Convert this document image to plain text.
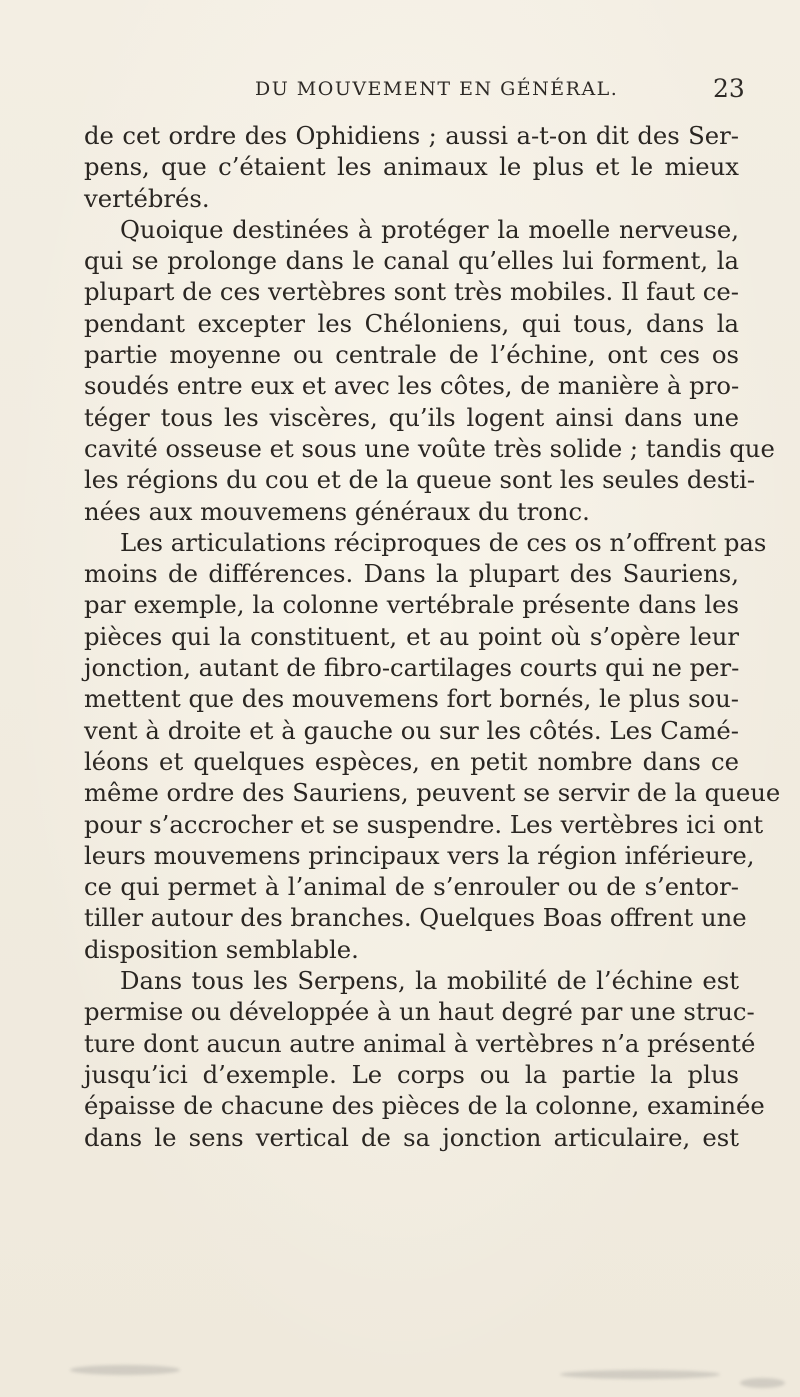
DU MOUVEMENT EN GÉNÉRAL.	23
de cet ordre des Ophidiens ; aussi a-t-on dit des Ser-
pens, que c’étaient les animaux le plus et le mieux
vertébrés.
Quoique destinées à protéger la moelle nerveuse,
qui se prolonge dans le canal qu’elles lui forment, la
plupart de ces vertèbres sont très mobiles. Il faut ce-
pendant excepter les Chéloniens, qui tous, dans la
partie moyenne ou centrale de l’échine, ont ces os
soudés entre eux et avec les côtes, de manière à pro-
téger tous les viscères, qu’ils logent ainsi dans une
cavité osseuse et sous une voûte très solide ; tandis que
les régions du cou et de la queue sont les seules desti-
nées aux mouvemens généraux du tronc.
Les articulations réciproques de ces os n’offrent pas
moins de différences. Dans la plupart des Sauriens,
par exemple, la colonne vertébrale présente dans les
pièces qui la constituent, et au point où s’opère leur
jonction, autant de fibro-cartilages courts qui ne per-
mettent que des mouvemens fort bornés, le plus sou-
vent à droite et à gauche ou sur les côtés. Les Camé-
léons et quelques espèces, en petit nombre dans ce
même ordre des Sauriens, peuvent se servir de la queue
pour s’accrocher et se suspendre. Les vertèbres ici ont
leurs mouvemens principaux vers la région inférieure,
ce qui permet à l’animal de s’enrouler ou de s’entor-
tiller autour des branches. Quelques Boas offrent une
disposition semblable.
Dans tous les Serpens, la mobilité de l’échine est
permise ou développée à un haut degré par une struc-
ture dont aucun autre animal à vertèbres n’a présenté
jusqu’ici d’exemple. Le corps ou la partie la plus
épaisse de chacune des pièces de la colonne, examinée
dans le sens vertical de sa jonction articulaire, est
